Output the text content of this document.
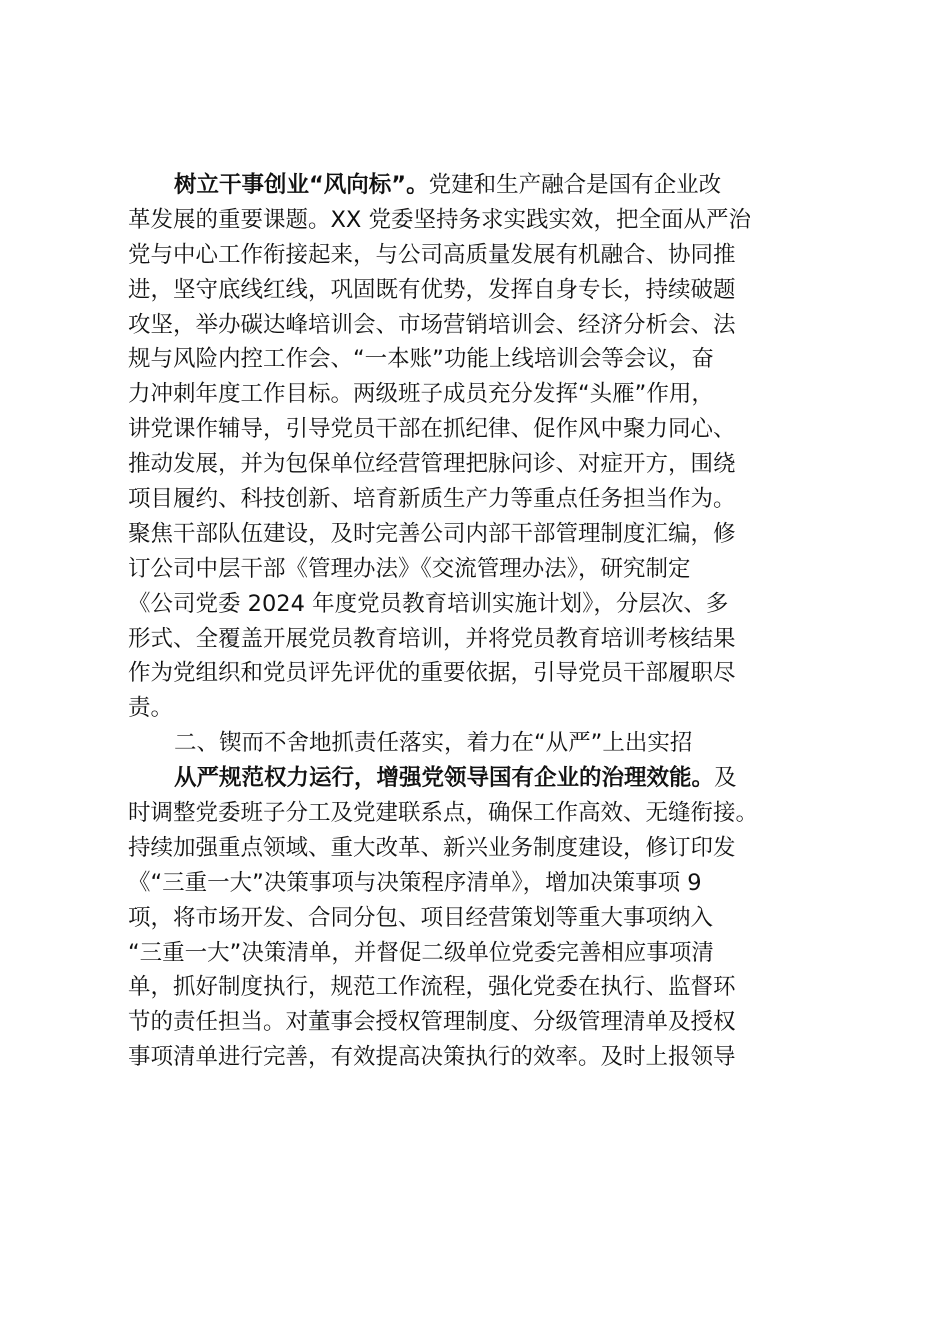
树立干事创业“风向标”。党建和生产融合是国有企业改
革发展的重要课题。XX 党委坚持务求实践实效，把全面从严治
党与中心工作衔接起来，与公司高质量发展有机融合、协同推
进，坚守底线红线，巩固既有优势，发挥自身专长，持续破题
攻坚，举办碳达峰培训会、市场营销培训会、经济分析会、法
规与风险内控工作会、“一本账”功能上线培训会等会议，奋
力冲刺年度工作目标。两级班子成员充分发挥“头雁”作用，
讲党课作辅导，引导党员干部在抓纪律、促作风中聚力同心、
推动发展，并为包保单位经营管理把脉问诊、对症开方，围绕
项目履约、科技创新、培育新质生产力等重点任务担当作为。
聚焦干部队伍建设，及时完善公司内部干部管理制度汇编，修
订公司中层干部《管理办法》《交流管理办法》，研究制定
《公司党委 2024 年度党员教育培训实施计划》，分层次、多
形式、全覆盖开展党员教育培训，并将党员教育培训考核结果
作为党组织和党员评先评优的重要依据，引导党员干部履职尽
责。
二、锲而不舍地抓责任落实，着力在“从严”上出实招
从严规范权力运行，增强党领导国有企业的治理效能。及
时调整党委班子分工及党建联系点，确保工作高效、无缝衔接。
持续加强重点领域、重大改革、新兴业务制度建设，修订印发
《“三重一大”决策事项与决策程序清单》，增加决策事项 9
项，将市场开发、合同分包、项目经营策划等重大事项纳入
“三重一大”决策清单，并督促二级单位党委完善相应事项清
单，抓好制度执行，规范工作流程，强化党委在执行、监督环
节的责任担当。对董事会授权管理制度、分级管理清单及授权
事项清单进行完善，有效提高决策执行的效率。及时上报领导
